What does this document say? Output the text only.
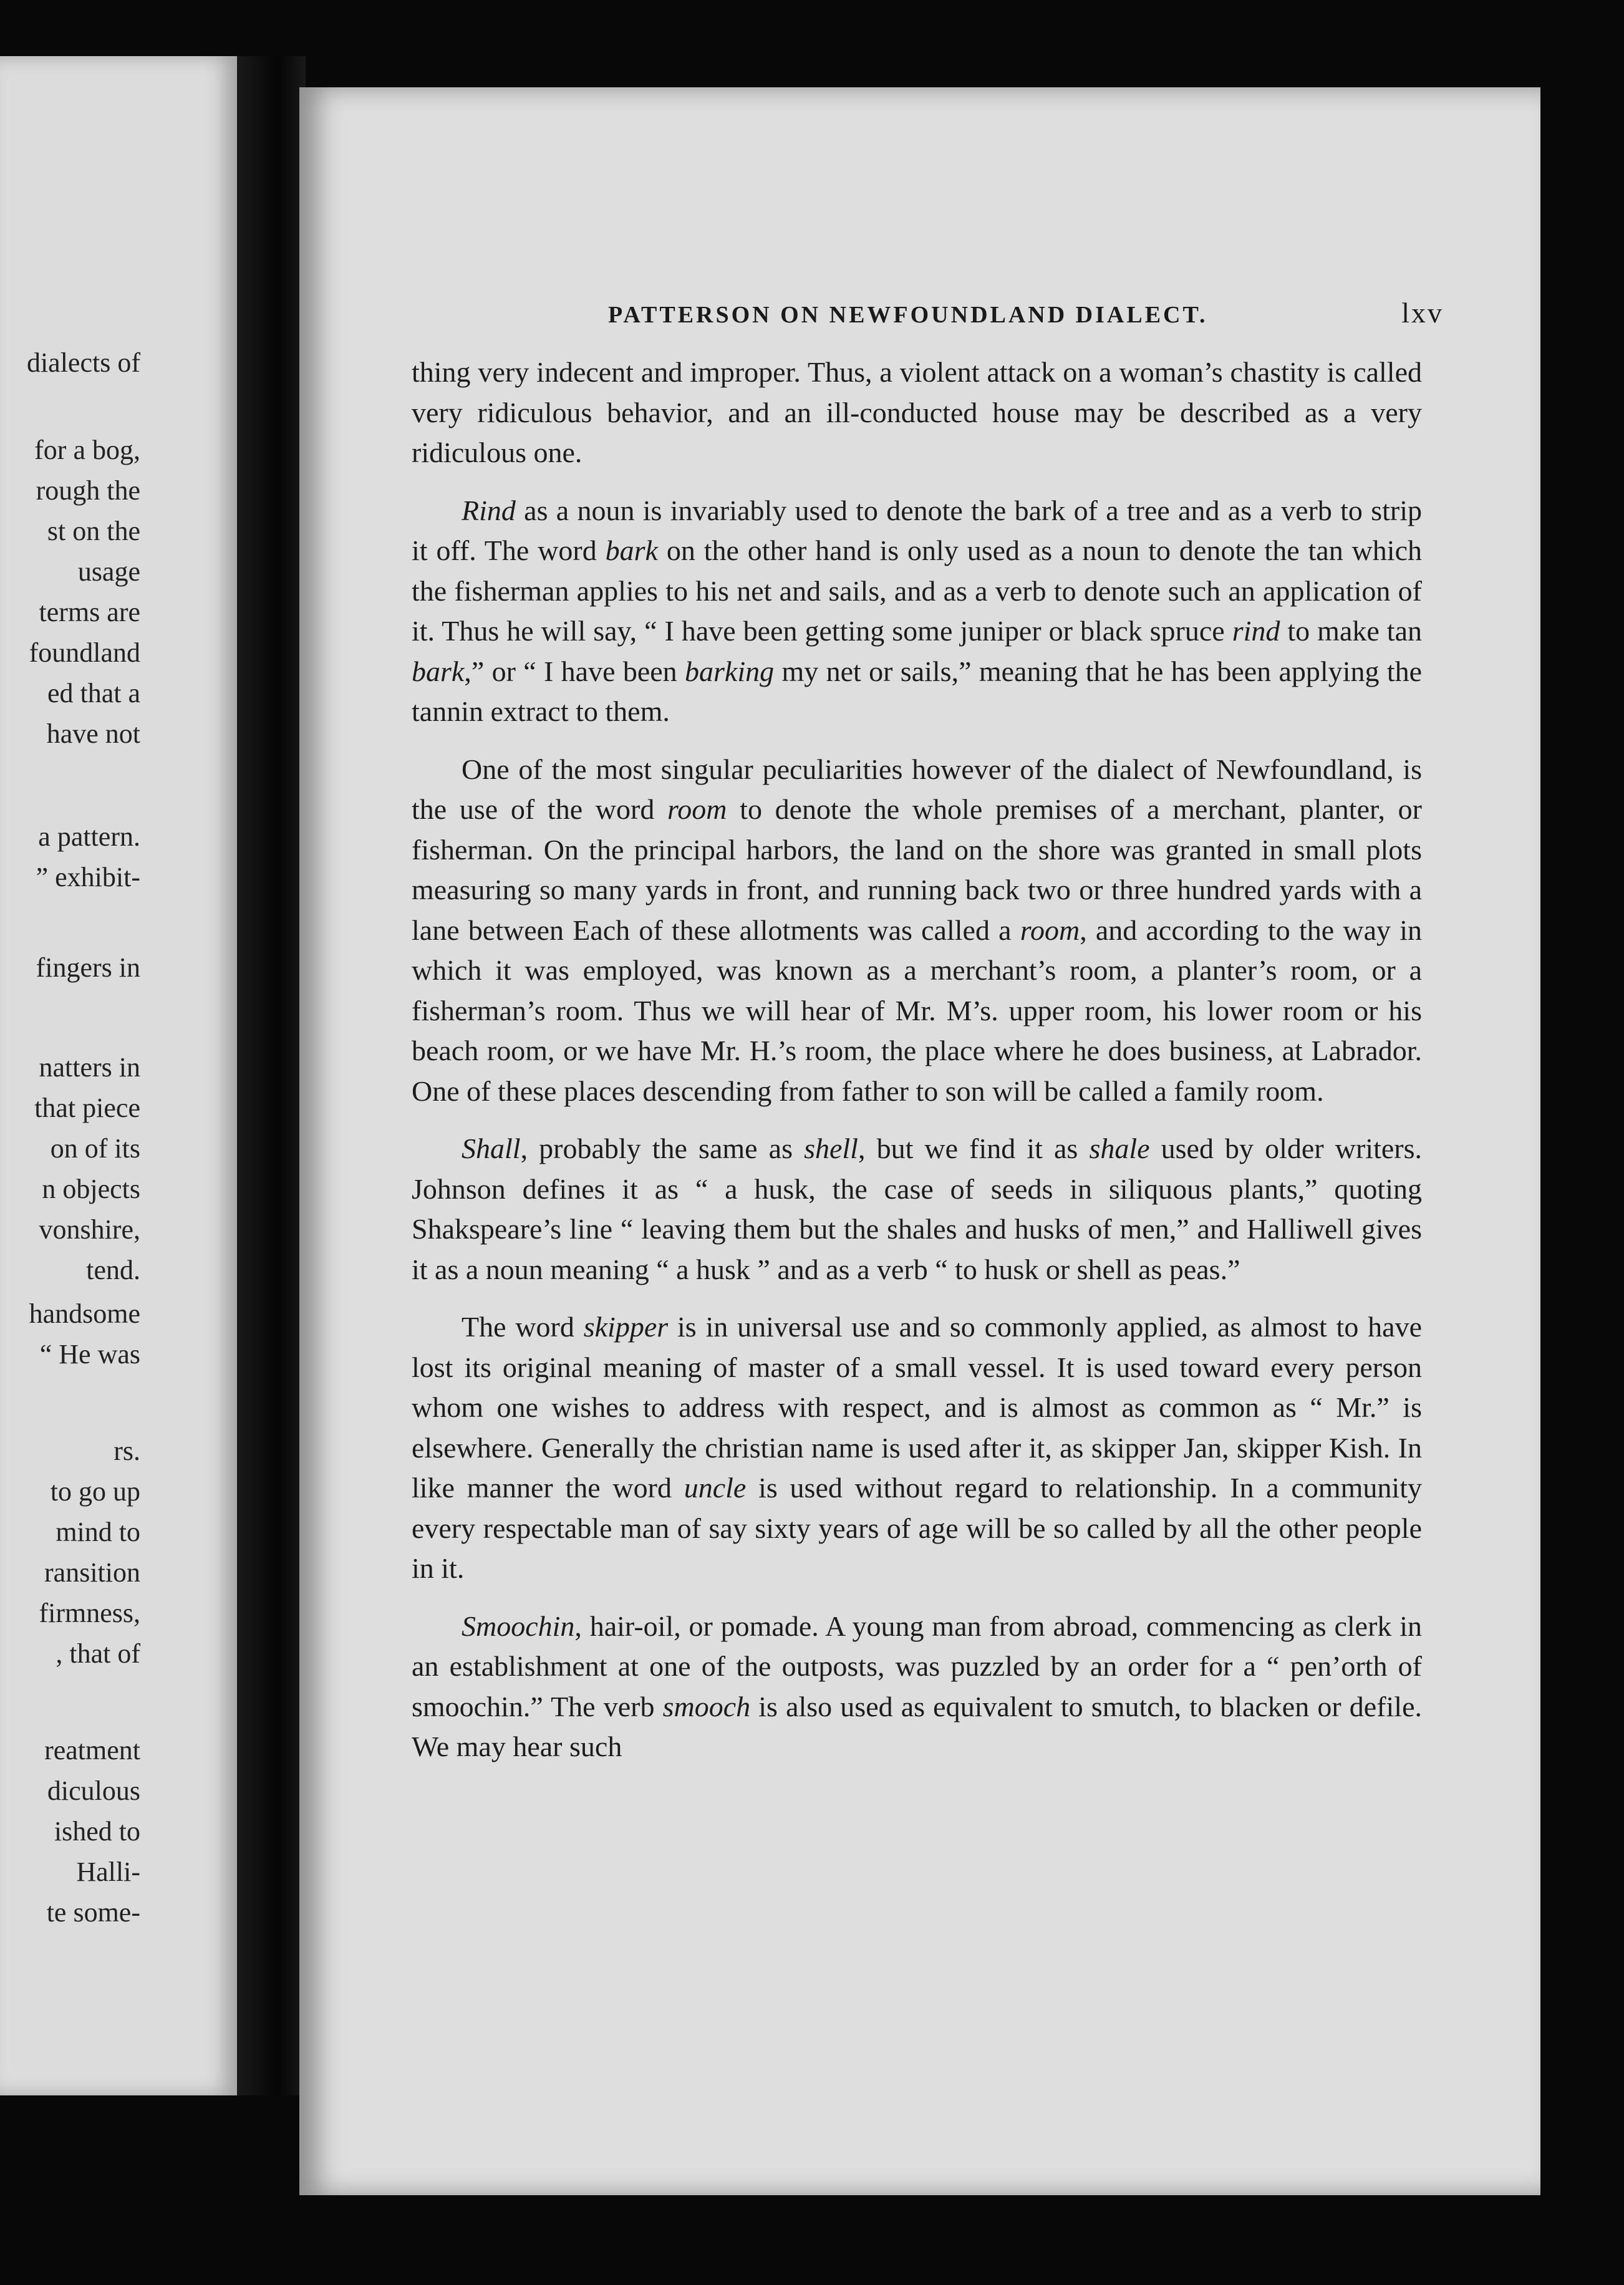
dialects of
for a bog,
rough the
st on the
usage
terms are
foundland
ed that a
have not
a pattern.
” exhibit-
fingers in
natters in
that piece
on of its
n objects
vonshire,
tend.
handsome
“ He was
rs.
to go up
mind to
ransition
firmness,
, that of
reatment
diculous
ished to
Halli-
te some-
PATTERSON ON NEWFOUNDLAND DIALECT.	lxv

thing very indecent and improper. Thus, a violent attack on a woman’s chastity is called very ridiculous behavior, and an ill-conducted house may be described as a very ridiculous one.

Rind as a noun is invariably used to denote the bark of a tree and as a verb to strip it off. The word bark on the other hand is only used as a noun to denote the tan which the fisherman applies to his net and sails, and as a verb to denote such an application of it. Thus he will say, “ I have been getting some juniper or black spruce rind to make tan bark,” or “ I have been barking my net or sails,” meaning that he has been applying the tannin extract to them.

One of the most singular peculiarities however of the dialect of Newfoundland, is the use of the word room to denote the whole premises of a merchant, planter, or fisherman. On the principal harbors, the land on the shore was granted in small plots measuring so many yards in front, and running back two or three hundred yards with a lane between Each of these allotments was called a room, and according to the way in which it was employed, was known as a merchant’s room, a planter’s room, or a fisherman’s room. Thus we will hear of Mr. M’s. upper room, his lower room or his beach room, or we have Mr. H.’s room, the place where he does business, at Labrador. One of these places descending from father to son will be called a family room.

Shall, probably the same as shell, but we find it as shale used by older writers. Johnson defines it as “ a husk, the case of seeds in siliquous plants,” quoting Shakspeare’s line “ leaving them but the shales and husks of men,” and Halliwell gives it as a noun meaning “ a husk ” and as a verb “ to husk or shell as peas.”

The word skipper is in universal use and so commonly applied, as almost to have lost its original meaning of master of a small vessel. It is used toward every person whom one wishes to address with respect, and is almost as common as “ Mr.” is elsewhere. Generally the christian name is used after it, as skipper Jan, skipper Kish. In like manner the word uncle is used without regard to relationship. In a community every respectable man of say sixty years of age will be so called by all the other people in it.

Smoochin, hair-oil, or pomade. A young man from abroad, commencing as clerk in an establishment at one of the outposts, was puzzled by an order for a “ pen’orth of smoochin.” The verb smooch is also used as equivalent to smutch, to blacken or defile. We may hear such
